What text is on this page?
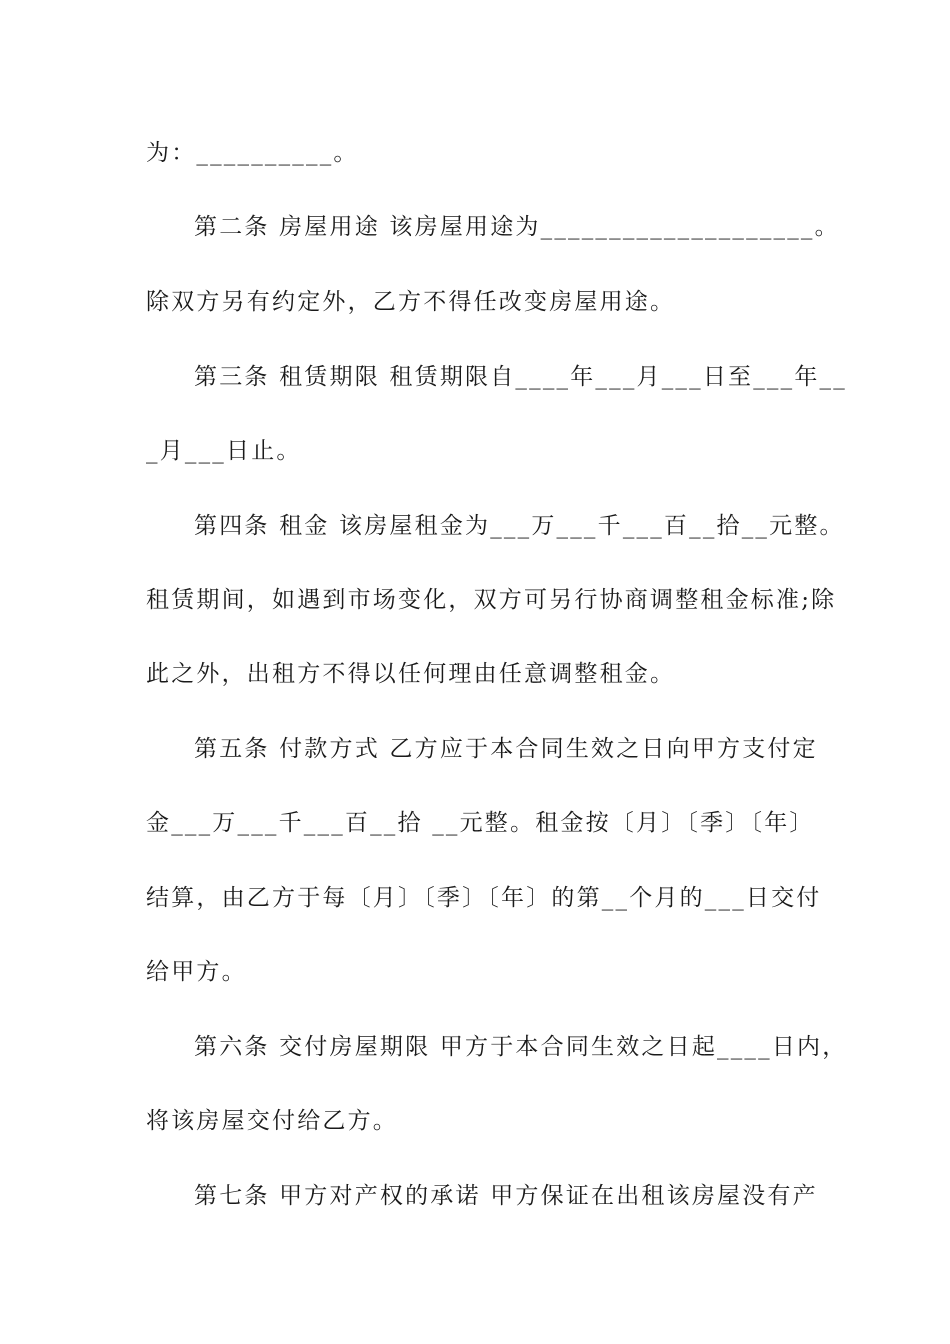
为：__________。
第二条 房屋用途 该房屋用途为____________________。
除双方另有约定外，乙方不得任改变房屋用途。
第三条 租赁期限 租赁期限自____年___月___日至___年__
_月___日止。
第四条 租金 该房屋租金为___万___千___百__拾__元整。
租赁期间，如遇到市场变化，双方可另行协商调整租金标准;除
此之外，出租方不得以任何理由任意调整租金。
第五条 付款方式 乙方应于本合同生效之日向甲方支付定
金___万___千___百__拾 __元整。租金按〔月〕〔季〕〔年〕
结算，由乙方于每〔月〕〔季〕〔年〕的第__个月的___日交付
给甲方。
第六条 交付房屋期限 甲方于本合同生效之日起____日内，
将该房屋交付给乙方。
第七条 甲方对产权的承诺 甲方保证在出租该房屋没有产
